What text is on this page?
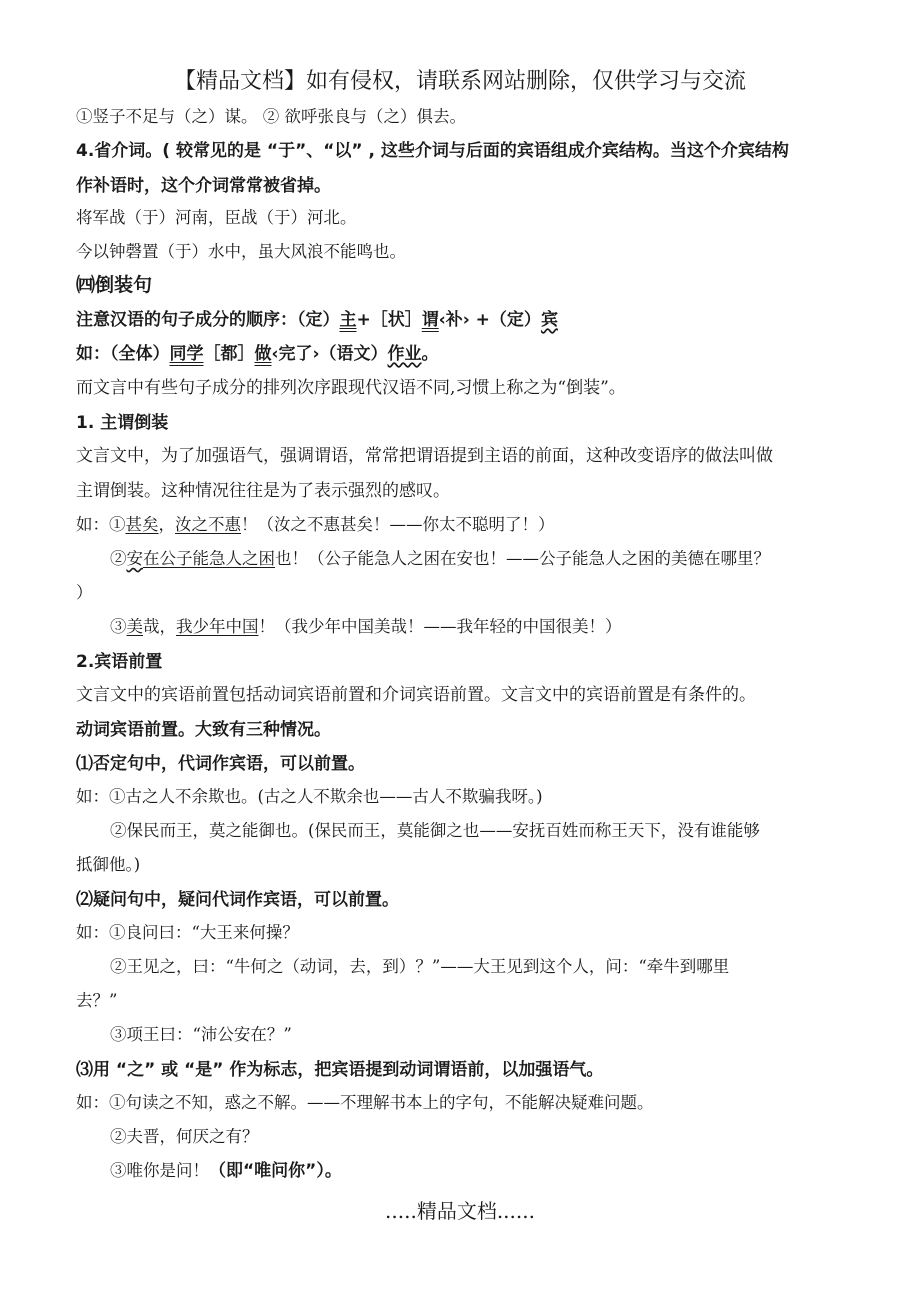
【精品文档】如有侵权，请联系网站删除，仅供学习与交流
①竖子不足与（之）谋。 ② 欲呼张良与（之）俱去。
4.省介词。( 较常见的是 “于”、“以” , 这些介词与后面的宾语组成介宾结构。当这个介宾结构
作补语时，这个介词常常被省掉。
将军战（于）河南，臣战（于）河北。
今以钟磬置（于）水中，虽大风浪不能鸣也。
㈣倒装句
注意汉语的句子成分的顺序：（定）主+［状］谓‹补› +（定）宾
如：（全体）同学［都］做‹完了›（语文）作业。
而文言中有些句子成分的排列次序跟现代汉语不同,习惯上称之为“倒装”。
1. 主谓倒装
文言文中，为了加强语气，强调谓语，常常把谓语提到主语的前面，这种改变语序的做法叫做
主谓倒装。这种情况往往是为了表示强烈的感叹。
如：①甚矣，汝之不惠！（汝之不惠甚矣！——你太不聪明了！）
②安在公子能急人之困也！（公子能急人之困在安也！——公子能急人之困的美德在哪里？
）
③美哉，我少年中国！（我少年中国美哉！——我年轻的中国很美！）
2.宾语前置
文言文中的宾语前置包括动词宾语前置和介词宾语前置。文言文中的宾语前置是有条件的。
动词宾语前置。大致有三种情况。
⑴否定句中，代词作宾语，可以前置。
如：①古之人不余欺也。(古之人不欺余也——古人不欺骗我呀。)
②保民而王，莫之能御也。(保民而王，莫能御之也——安抚百姓而称王天下，没有谁能够
抵御他。)
⑵疑问句中，疑问代词作宾语，可以前置。
如：①良问曰：“大王来何操？
②王见之，曰：“牛何之（动词，去，到）？”——大王见到这个人，问：“牵牛到哪里
去？”
③项王曰：“沛公安在？”
⑶用 “之” 或 “是” 作为标志，把宾语提到动词谓语前，以加强语气。
如：①句读之不知，惑之不解。——不理解书本上的字句，不能解决疑难问题。
②夫晋，何厌之有？
③唯你是问！（即“唯问你”）。
.....精品文档......
